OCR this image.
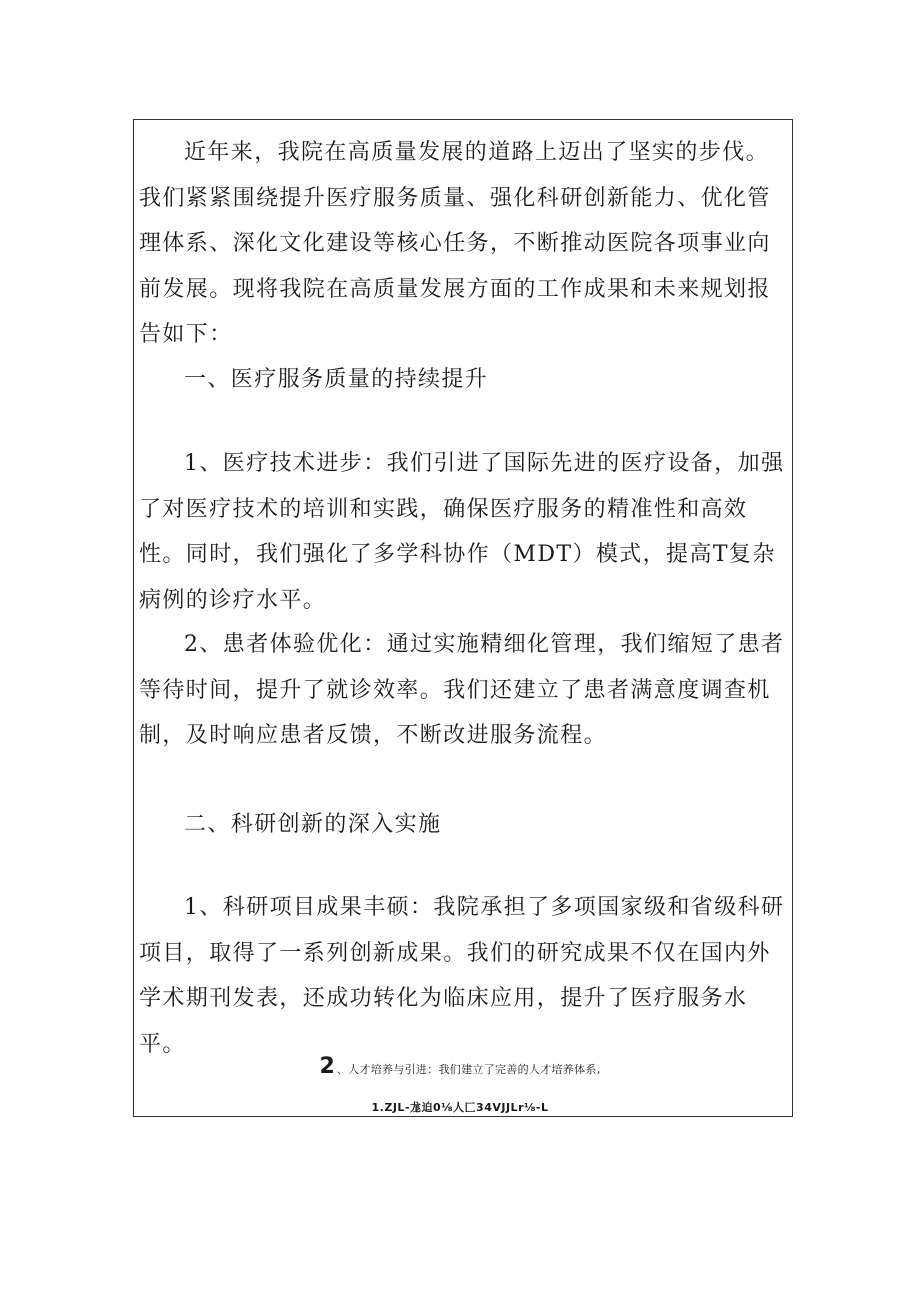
近年来，我院在高质量发展的道路上迈出了坚实的步伐。我们紧紧围绕提升医疗服务质量、强化科研创新能力、优化管理体系、深化文化建设等核心任务，不断推动医院各项事业向前发展。现将我院在高质量发展方面的工作成果和未来规划报告如下：

一、医疗服务质量的持续提升

1、医疗技术进步：我们引进了国际先进的医疗设备，加强了对医疗技术的培训和实践，确保医疗服务的精准性和高效性。同时，我们强化了多学科协作（MDT）模式，提高T复杂病例的诊疗水平。

2、患者体验优化：通过实施精细化管理，我们缩短了患者等待时间，提升了就诊效率。我们还建立了患者满意度调查机制，及时响应患者反馈，不断改进服务流程。

二、科研创新的深入实施

1、科研项目成果丰硕：我院承担了多项国家级和省级科研项目，取得了一系列创新成果。我们的研究成果不仅在国内外学术期刊发表，还成功转化为临床应用，提升了医疗服务水平。

2 、人才培养与引进：我们建立了完善的人才培养体系,

1.ZJL-尨迫0⅛人匚34VJJLr⅛-L
